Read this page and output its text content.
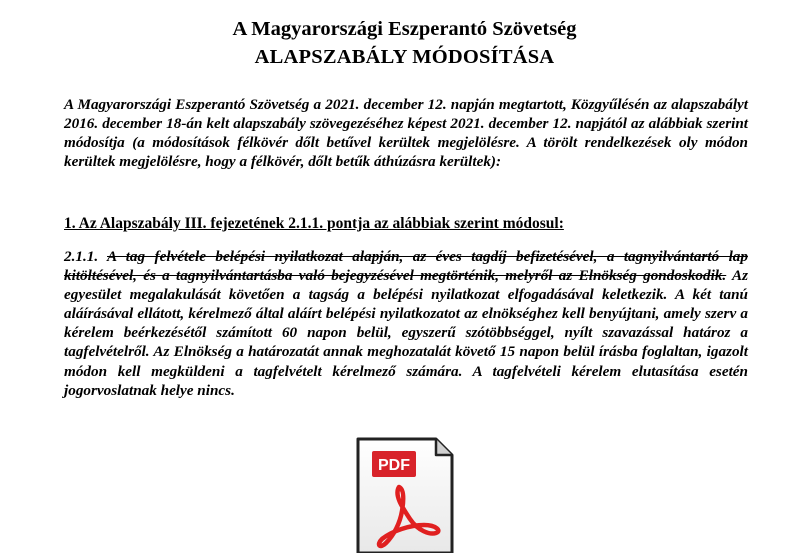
A Magyarországi Eszperantó Szövetség
ALAPSZABÁLY MÓDOSÍTÁSA

A Magyarországi Eszperantó Szövetség a 2021. december 12. napján megtartott, Közgyűlésén az alapszabályt 2016. december 18-án kelt alapszabály szövegezéséhez képest 2021. december 12. napjától az alábbiak szerint módosítja (a módosítások félkövér dőlt betűvel kerültek megjelölésre. A törölt rendelkezések oly módon kerültek megjelölésre, hogy a félkövér, dőlt betűk áthúzásra kerültek):

1. Az Alapszabály III. fejezetének 2.1.1. pontja az alábbiak szerint módosul:

2.1.1. A tag felvétele belépési nyilatkozat alapján, az éves tagdíj befizetésével, a tagnyilvántartó lap kitöltésével, és a tagnyilvántartásba való bejegyzésével megtörténik, melyről az Elnökség gondoskodik. Az egyesület megalakulását követően a tagság a belépési nyilatkozat elfogadásával keletkezik. A két tanú aláírásával ellátott, kérelmező által aláírt belépési nyilatkozatot az elnökséghez kell benyújtani, amely szerv a kérelem beérkezésétől számított 60 napon belül, egyszerű szótöbbséggel, nyílt szavazással határoz a tagfelvételről. Az Elnökség a határozatát annak meghozatalát követő 15 napon belül írásba foglaltan, igazolt módon kell megküldeni a tagfelvételt kérelmező számára. A tagfelvételi kérelem elutasítása esetén jogorvoslatnak helye nincs.

PDF
